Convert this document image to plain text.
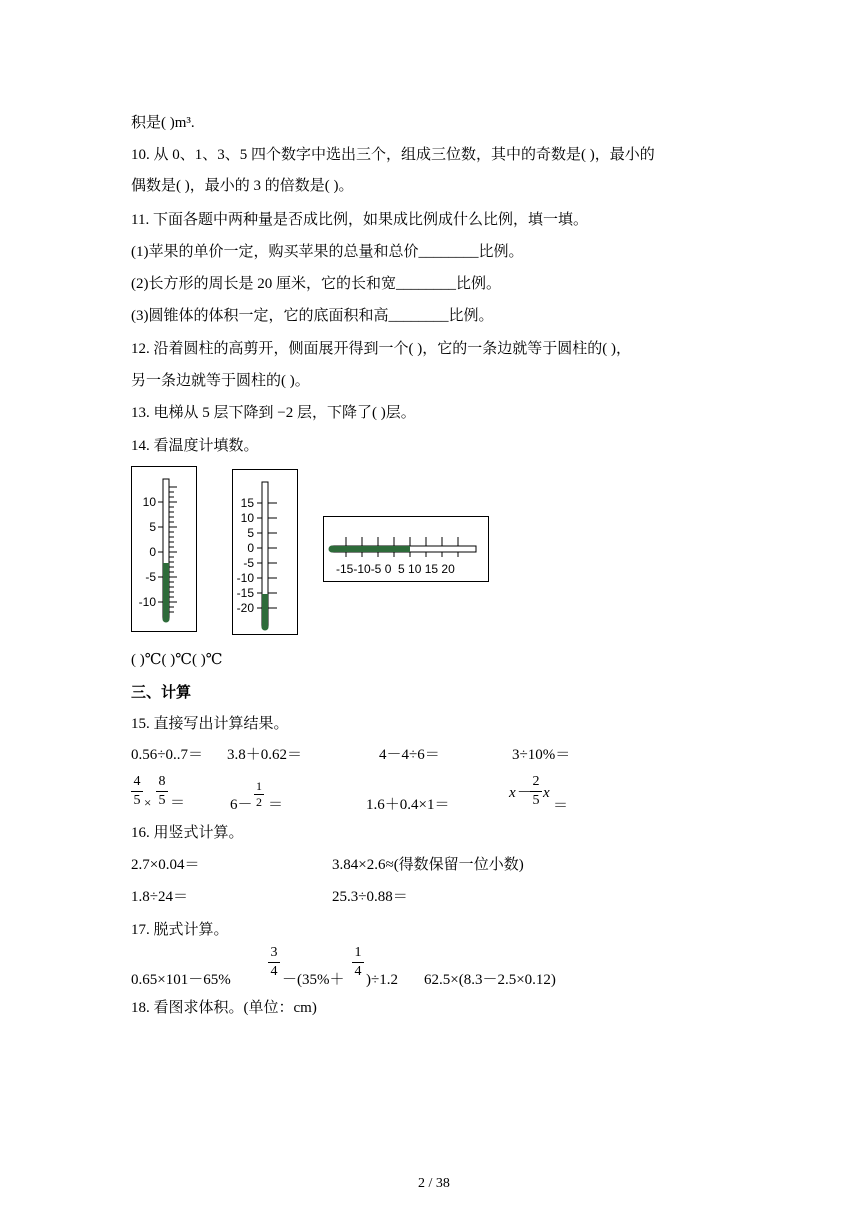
积是( )m³.
10. 从 0、1、3、5 四个数字中选出三个，组成三位数，其中的奇数是( )，最小的
偶数是( )，最小的 3 的倍数是( )。
11. 下面各题中两种量是否成比例，如果成比例成什么比例，填一填。
(1)苹果的单价一定，购买苹果的总量和总价________比例。
(2)长方形的周长是 20 厘米，它的长和宽________比例。
(3)圆锥体的体积一定，它的底面积和高________比例。
12. 沿着圆柱的高剪开，侧面展开得到一个( )，它的一条边就等于圆柱的( )，
另一条边就等于圆柱的( )。
13. 电梯从 5 层下降到 −2 层，下降了( )层。
14. 看温度计填数。
10
5
0
-5
-10
15
10
5
0
-5
-10
-15
-20
-15-10-5 0  5 10 15 20
( )℃( )℃( )℃
三、计算
15. 直接写出计算结果。
0.56÷0..7＝ 3.8＋0.62＝	4－4÷6＝	3÷10%＝
4
5 ×
8
5 ＝	6－
1
2 ＝	1.6＋0.4×1＝
x－
2
5 x
＝
16. 用竖式计算。
2.7×0.04＝	3.84×2.6≈(得数保留一位小数)
1.8÷24＝	25.3÷0.88＝
17. 脱式计算。
0.65×101－65%
3
4
－(35%＋
1
4
)÷1.2 62.5×(8.3－2.5×0.12)
18. 看图求体积。(单位：cm)
2 / 38
